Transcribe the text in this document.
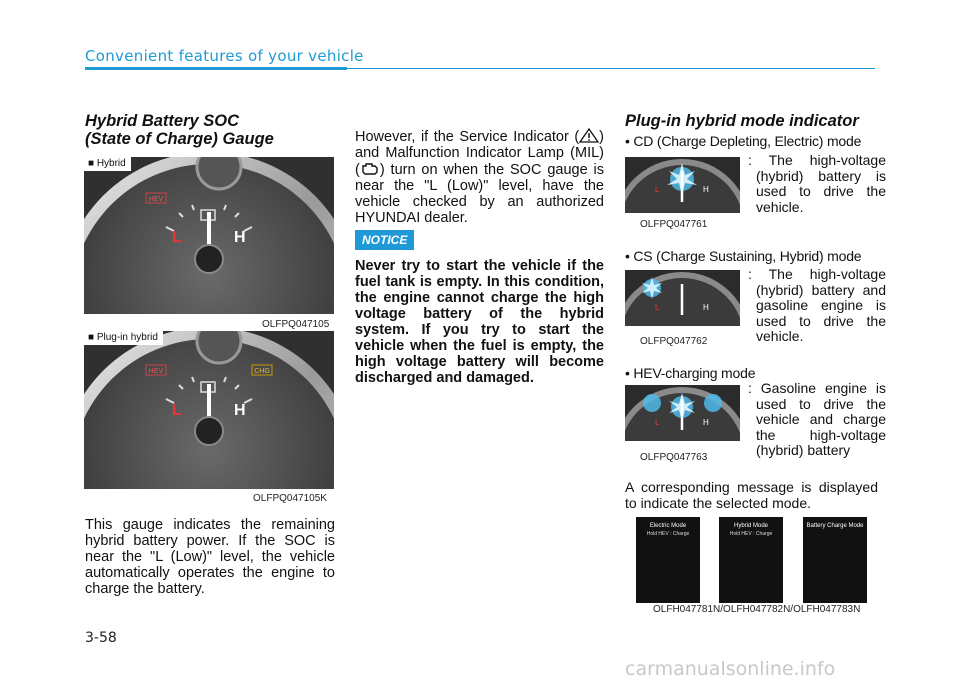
Convenient features of your vehicle
Hybrid Battery SOC
(State of Charge) Gauge
HEV
L	H
■ Hybrid
OLFPQ047105
HEV	CHG
L	H
■ Plug-in hybrid
OLFPQ047105K
This gauge indicates the remaining hybrid battery power. If the SOC is near the "L (Low)" level, the vehicle automatically operates the engine to charge the battery.
However, if the Service Indicator ( ) and Malfunction Indicator Lamp (MIL) ( ) turn on when the SOC gauge is near the "L (Low)" level, have the vehicle checked by an authorized HYUNDAI dealer.
NOTICE
Never try to start the vehicle if the fuel tank is empty. In this condition, the engine cannot charge the high voltage battery of the hybrid system. If you try to start the vehicle when the fuel is empty, the high voltage battery will become discharged and damaged.
Plug-in hybrid mode indicator
• CD (Charge Depleting, Electric) mode
L	H
: The high-voltage (hybrid) battery is used to drive the vehicle.
OLFPQ047761
• CS (Charge Sustaining, Hybrid) mode
L	H
: The high-voltage (hybrid) battery and gasoline engine is used to drive the vehicle.
OLFPQ047762
• HEV-charging mode
L	H
: Gasoline engine is used to drive the vehicle and charge the high-voltage (hybrid) battery
OLFPQ047763
A corresponding message is displayed to indicate the selected mode.
Electric Mode
Hold HEV : Charge
Hybrid Mode
Hold HEV : Charge
Battery Charge Mode
OLFH047781N/OLFH047782N/OLFH047783N
3-58
carmanualsonline.info
